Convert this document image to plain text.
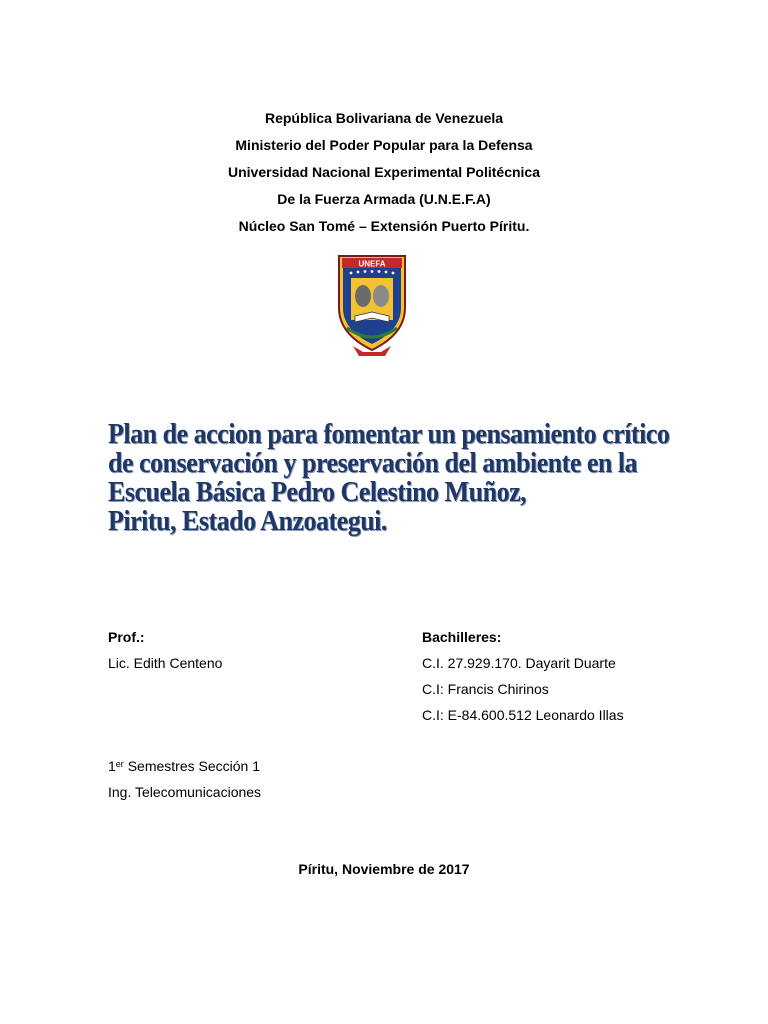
República Bolivariana de Venezuela
Ministerio del Poder Popular para la Defensa
Universidad Nacional Experimental Politécnica
De la Fuerza Armada (U.N.E.F.A)
Núcleo San Tomé – Extensión Puerto Píritu.
UNEFA
Plan de accion para fomentar un pensamiento crítico
de conservación y preservación del ambiente en la
Escuela Básica Pedro Celestino Muñoz,
Piritu, Estado Anzoategui.
Prof.:
Lic. Edith Centeno
Bachilleres:
C.I. 27.929.170. Dayarit Duarte
C.I: Francis Chirinos
C.I: E-84.600.512 Leonardo Illas
1er Semestres Sección 1
Ing. Telecomunicaciones
Píritu, Noviembre de 2017
